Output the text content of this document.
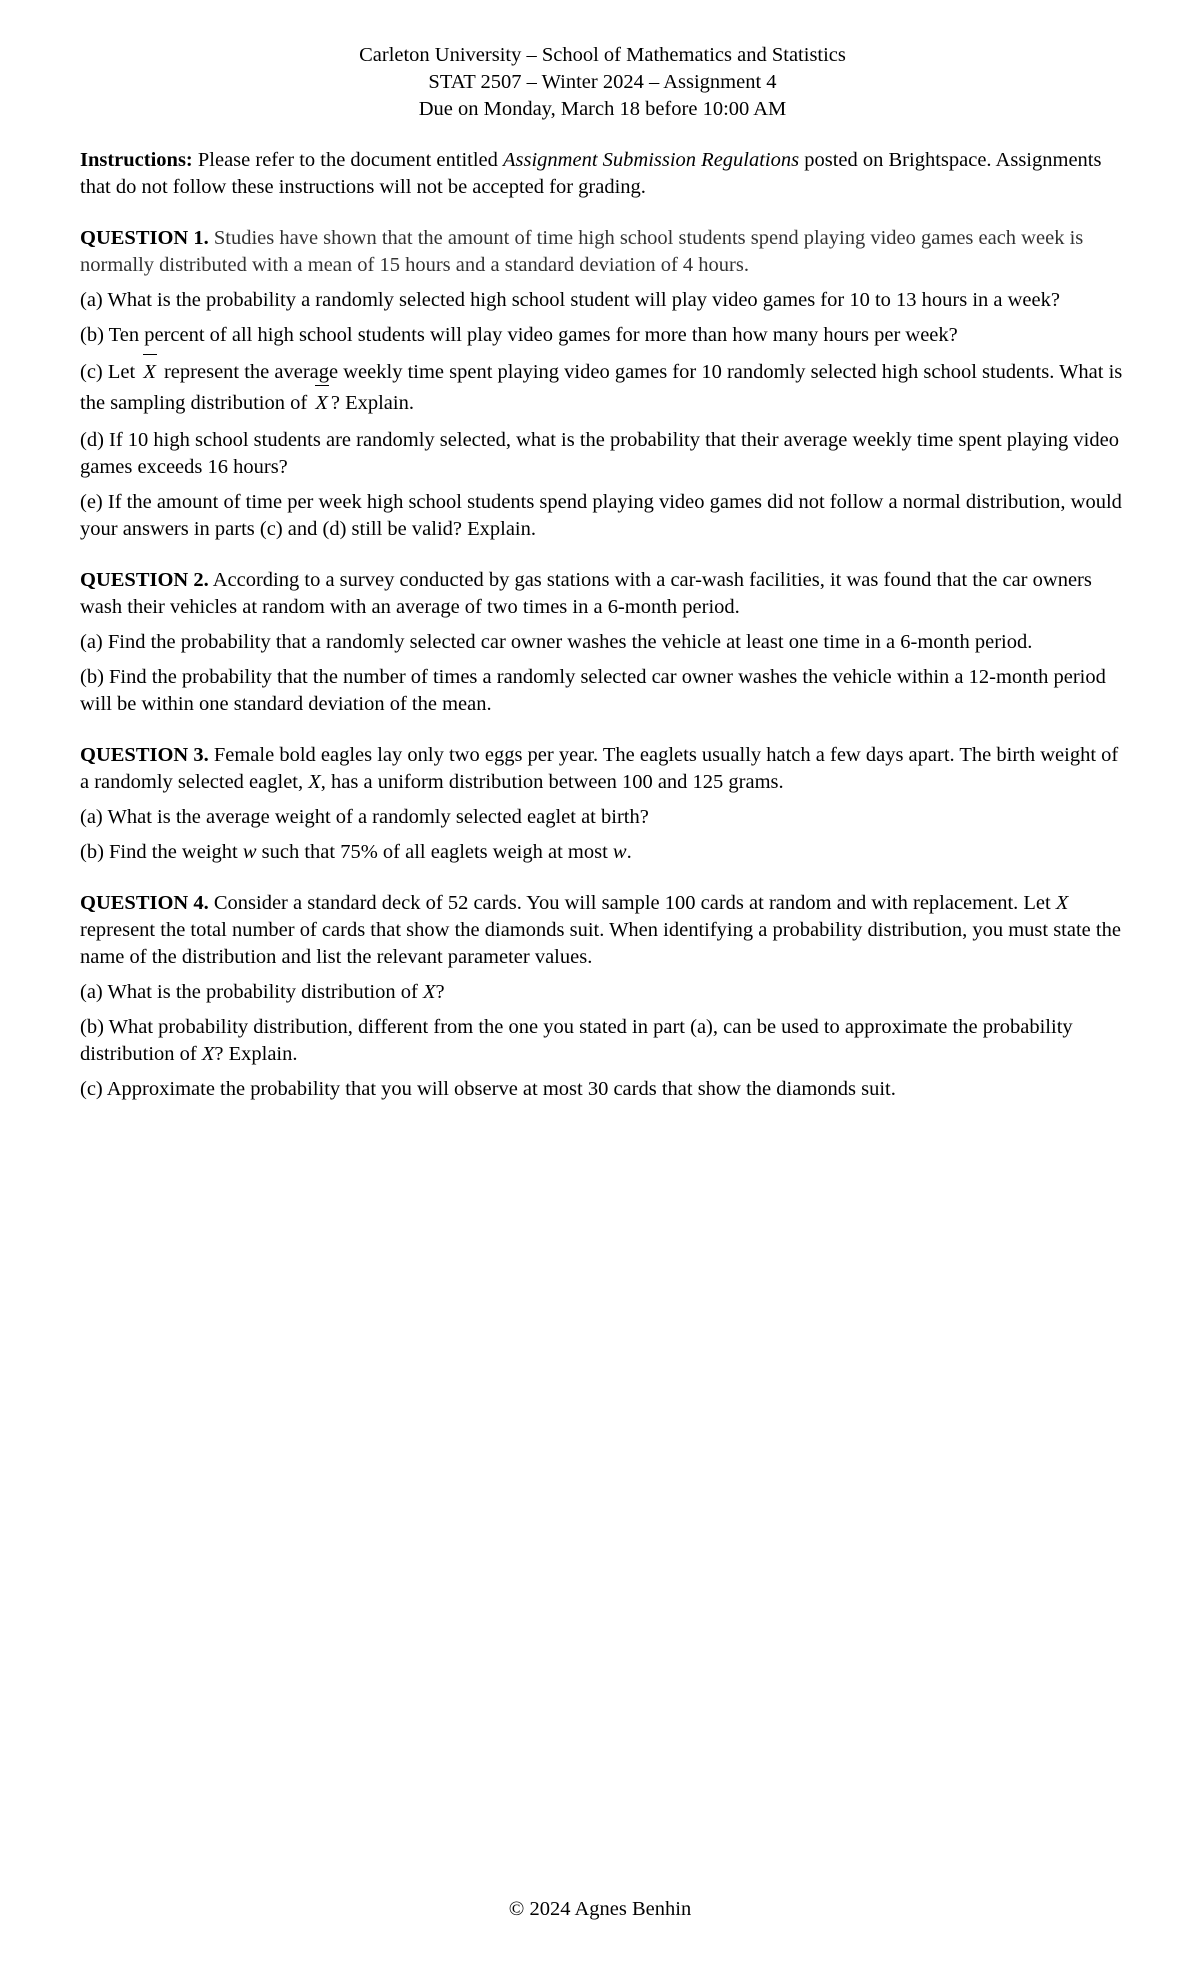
Carleton University – School of Mathematics and Statistics
STAT 2507 – Winter 2024 – Assignment 4
Due on Monday, March 18 before 10:00 AM

Instructions: Please refer to the document entitled Assignment Submission Regulations posted on Brightspace. Assignments that do not follow these instructions will not be accepted for grading.

QUESTION 1. Studies have shown that the amount of time high school students spend playing video games each week is normally distributed with a mean of 15 hours and a standard deviation of 4 hours.

(a) What is the probability a randomly selected high school student will play video games for 10 to 13 hours in a week?

(b) Ten percent of all high school students will play video games for more than how many hours per week?

(c) Let X represent the average weekly time spent playing video games for 10 randomly selected high school students. What is the sampling distribution of X ? Explain.

(d) If 10 high school students are randomly selected, what is the probability that their average weekly time spent playing video games exceeds 16 hours?

(e) If the amount of time per week high school students spend playing video games did not follow a normal distribution, would your answers in parts (c) and (d) still be valid? Explain.

QUESTION 2. According to a survey conducted by gas stations with a car-wash facilities, it was found that the car owners wash their vehicles at random with an average of two times in a 6-month period.

(a) Find the probability that a randomly selected car owner washes the vehicle at least one time in a 6-month period.

(b) Find the probability that the number of times a randomly selected car owner washes the vehicle within a 12-month period will be within one standard deviation of the mean.

QUESTION 3. Female bold eagles lay only two eggs per year. The eaglets usually hatch a few days apart. The birth weight of a randomly selected eaglet, X, has a uniform distribution between 100 and 125 grams.

(a) What is the average weight of a randomly selected eaglet at birth?

(b) Find the weight w such that 75% of all eaglets weigh at most w.

QUESTION 4. Consider a standard deck of 52 cards. You will sample 100 cards at random and with replacement. Let X represent the total number of cards that show the diamonds suit. When identifying a probability distribution, you must state the name of the distribution and list the relevant parameter values.

(a) What is the probability distribution of X?

(b) What probability distribution, different from the one you stated in part (a), can be used to approximate the probability distribution of X? Explain.

(c) Approximate the probability that you will observe at most 30 cards that show the diamonds suit.

© 2024 Agnes Benhin
